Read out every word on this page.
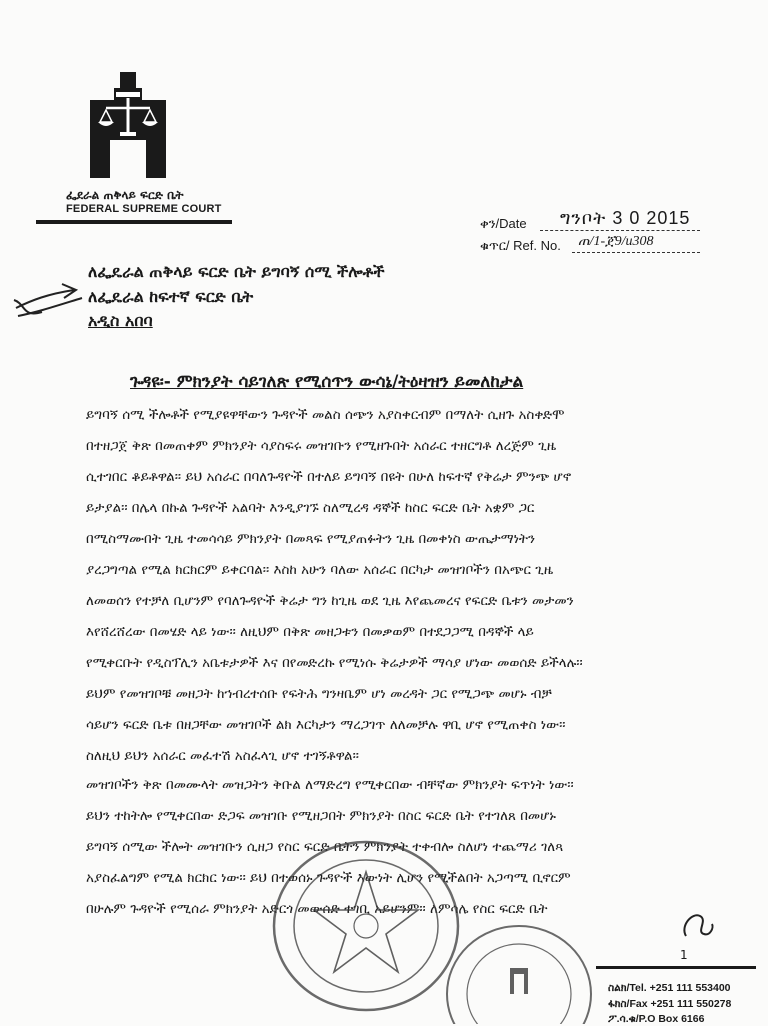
ፌደራል ጠቅላይ ፍርድ ቤት
FEDERAL SUPREME COURT
ቀን/Date ግንቦት 3 0 2015
ቁጥር/ Ref. No. ጠ/1-ጀ9/u308
ለፌዴራል ጠቅላይ ፍርድ ቤት ይግባኝ ሰሚ ችሎቶች
ለፌዴራል ከፍተኛ ፍርድ ቤት
አዲስ አበባ
ጉዳዩ፡- ምክንያት ሳይገለጽ የሚሰጥን ውሳኔ/ትዕዛዝን ይመለከታል
ይግባኝ ሰሚ ችሎቶች የሚያዩዋቸውን ጉዳዮች መልስ ሰጭን አያስቀርብም በማለት ሲዘጉ አስቀድሞ
በተዘጋጀ ቅጽ በመጠቀም ምክንያት ሳያስፍሩ መዝገቡን የሚዘጉበት አሰራር ተዘርግቶ ለረጅም ጊዜ
ሲተገበር ቆይቶዋል፡፡ ይህ አሰራር በባለጉዳዮች በተለይ ይግባኝ በዩት በሁለ ከፍተኛ የቅሬታ ምንጭ ሆኖ
ይታያል፡፡ በሌላ በኩል ጉዳዮች አልባት እንዲያገኙ ስለሚረዳ ዳኞች ከስር ፍርድ ቤት አቋም ጋር
በሚስማሙበት ጊዜ ተመሳሳይ ምክንያት በመጻፍ የሚያጠፉትን ጊዜ በመቀነስ ውጤታማነትን
ያረጋግጣል የሚል ክርክርም ይቀርባል፡፡ እስከ አሁን ባለው አሰራር በርካታ መዝገቦችን በአጭር ጊዜ
ለመወሰን የተቻለ ቢሆንም የባለጉዳዮች ቅሬታ ግን ከጊዜ ወደ ጊዜ እየጨመረና የፍርድ ቤቱን መታመን
እየሸረሸረው በመሄድ ላይ ነው፡፡ ለዚህም በቅጽ መዘጋቱን በመቃወም በተደጋጋሚ በዳኞች ላይ
የሚቀርቡት የዲስፕሊን አቤቱታዎች እና በየመድረኩ የሚነሱ ቅሬታዎች ማሳያ ሆነው መወሰድ ይችላሉ፡፡
ይህም የመዝገቦቹ መዘጋት ከኀብረተሰቡ የፍትሕ ግንዛቤም ሆነ መረዳት ጋር የሚጋጭ መሆኑ ብቻ
ሳይሆን ፍርድ ቤቱ በዘጋቸው መዝገቦች ልክ እርካታን ማረጋገጥ ለለመቻሉ ዋቢ ሆኖ የሚጠቀስ ነው፡፡
ስለዚህ ይህን አሰራር መፈተሽ አስፈላጊ ሆኖ ተገኝቶዋል፡፡
መዝገቦችን ቅጽ በመሙላት መዝጋትን ቅቡል ለማድረግ የሚቀርበው ብቸኛው ምክንያት ፍጥነት ነው፡፡
ይህን ተከትሎ የሚቀርበው ድጋፍ መዝገቡ የሚዘጋበት ምክንያት በስር ፍርድ ቤት የተገለጸ በመሆኑ
ይግባኝ ሰሚው ችሎት መዝገቡን ሲዘጋ የስር ፍርድ ቤትን ምክንያት ተቀብሎ ስለሆነ ተጨማሪ ገለጻ
አያስፈልግም የሚል ክርክር ነው፡፡ ይህ በተወሰኑ ጉዳዮች እውነት ሊሆን የሚችልበት አጋጣሚ ቢኖርም
በሁሉም ጉዳዮች የሚሰራ ምክንያት አድርጎ መውሰድ ተገቢ አይሆንም፡፡ ለምሳሌ የስር ፍርድ ቤት
1
ስልክ/Tel. +251 111 553400
ፋክስ/Fax +251 111 550278
ፖ.ሳ.ቁ/P.O Box 6166
